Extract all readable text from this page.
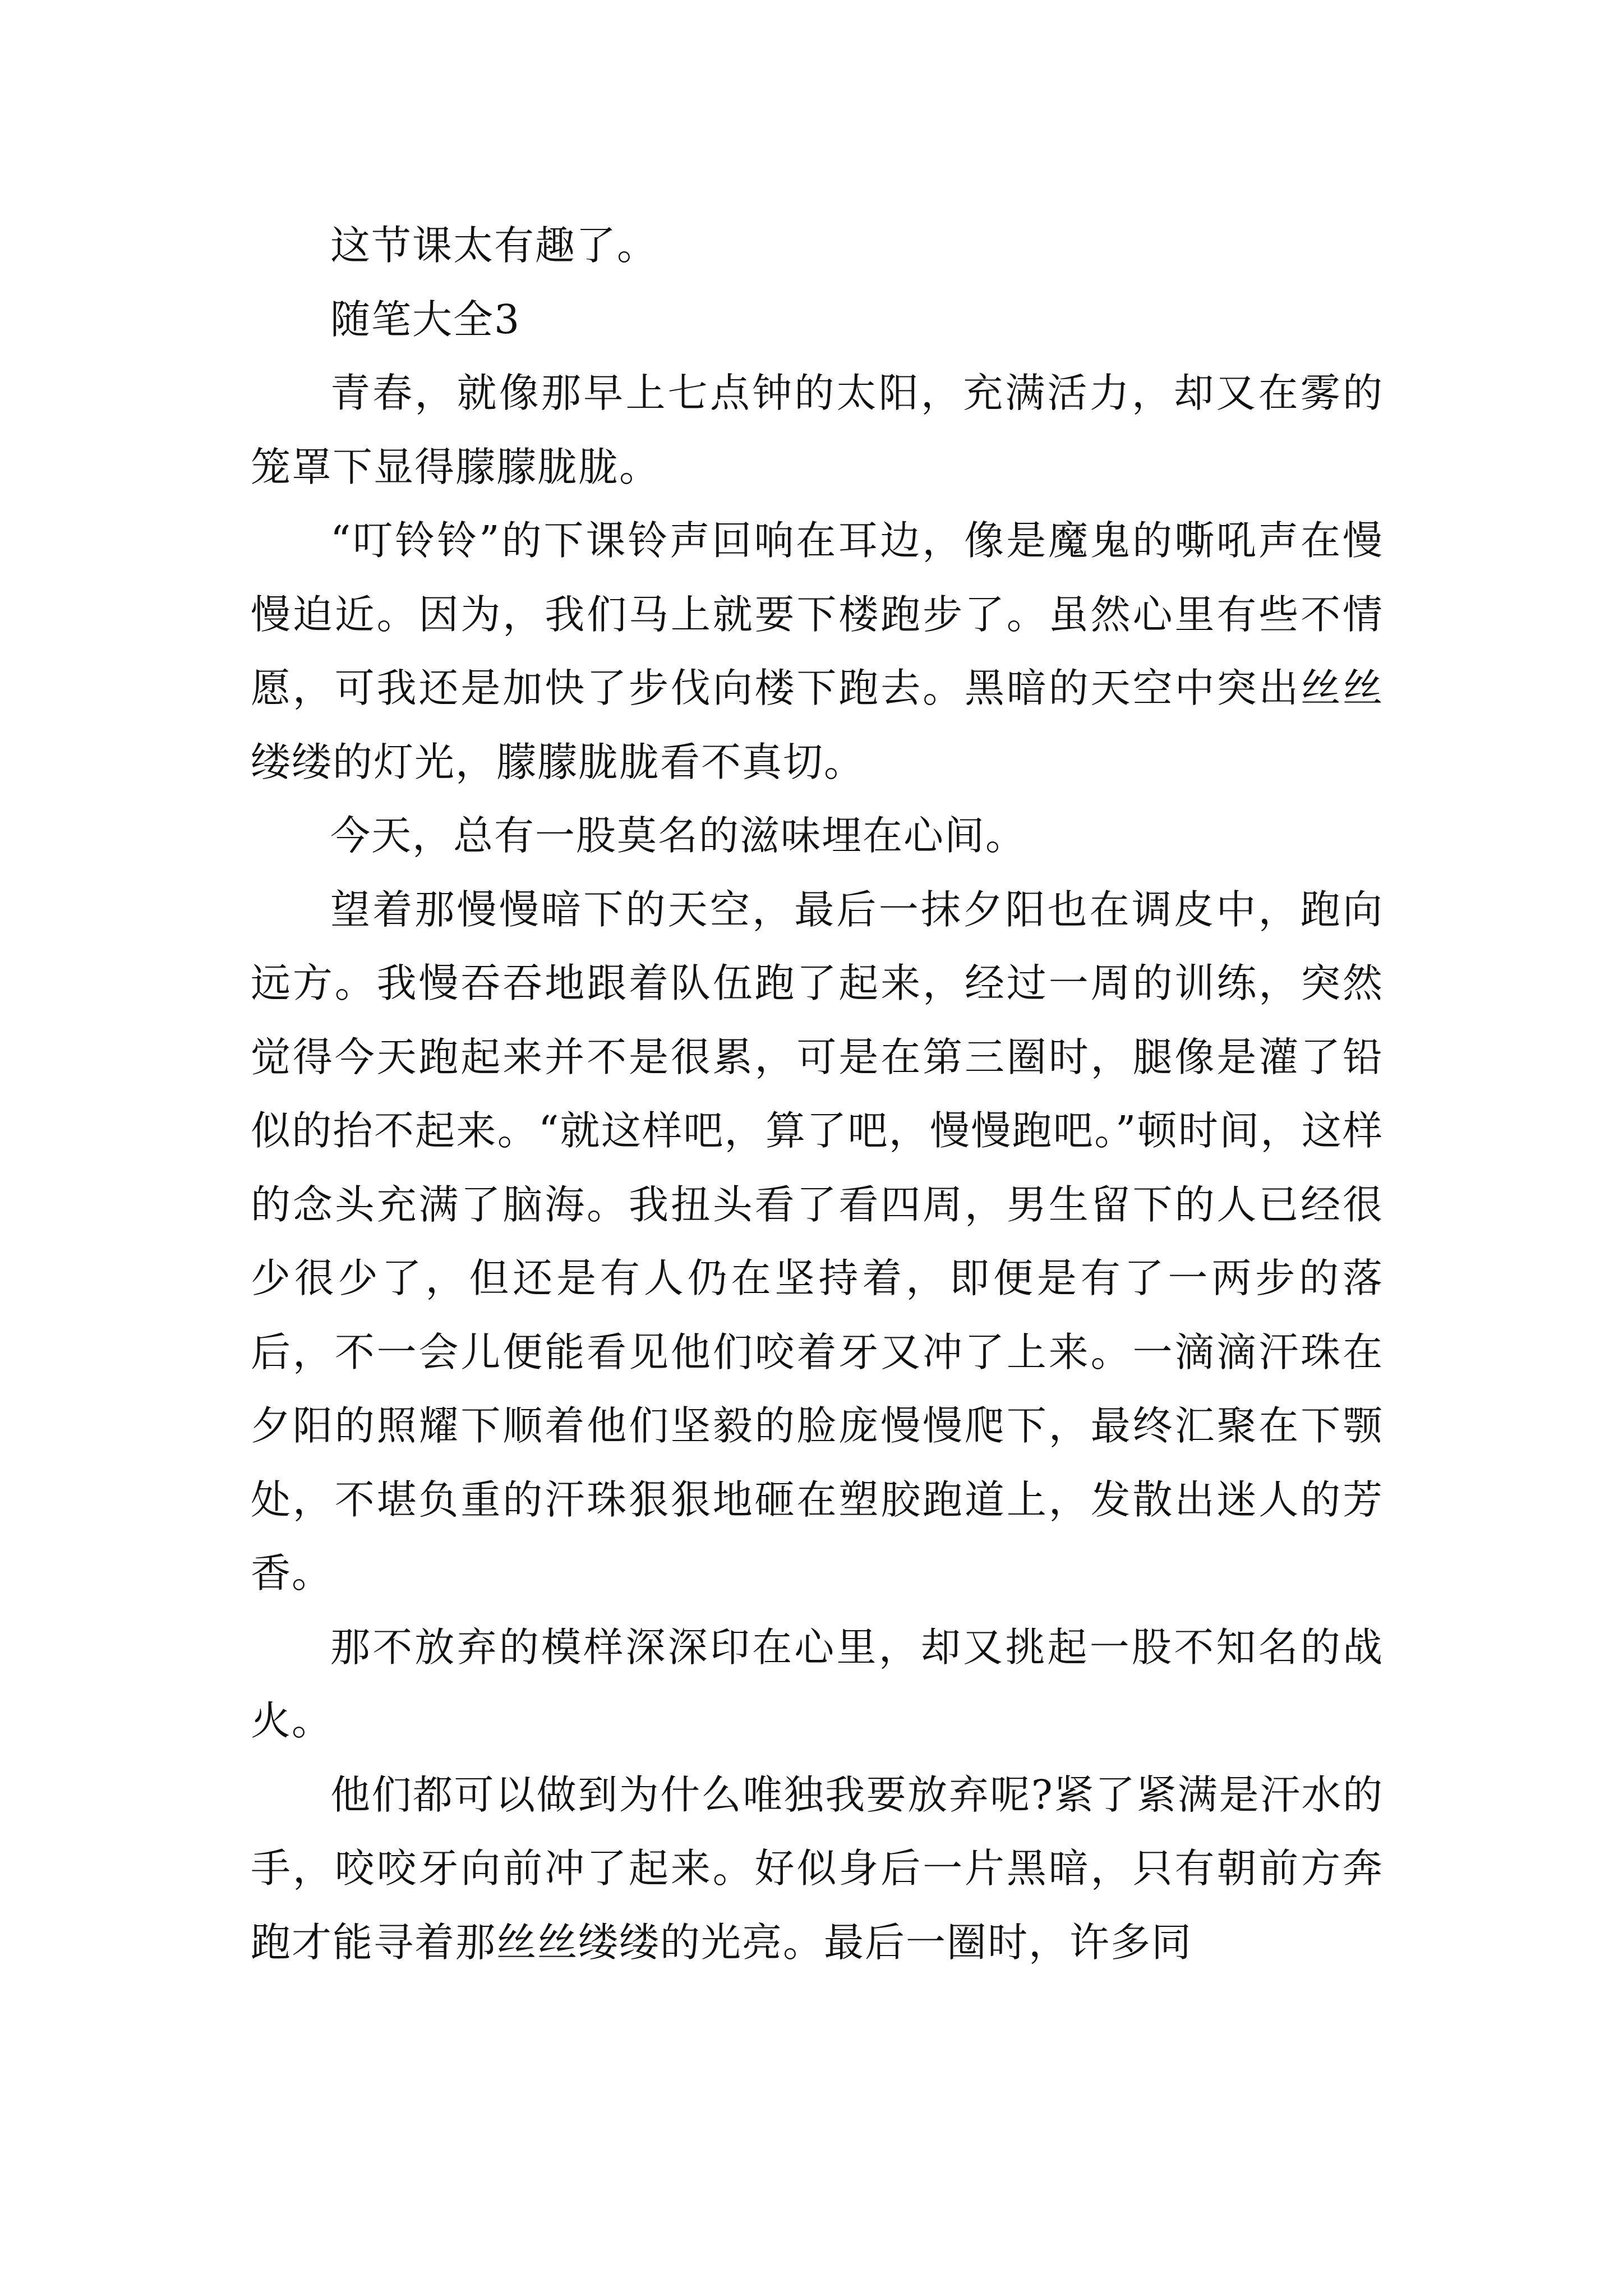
这节课太有趣了。

随笔大全3

青春，就像那早上七点钟的太阳，充满活力，却又在雾的笼罩下显得朦朦胧胧。

“叮铃铃”的下课铃声回响在耳边，像是魔鬼的嘶吼声在慢慢迫近。因为，我们马上就要下楼跑步了。虽然心里有些不情愿，可我还是加快了步伐向楼下跑去。黑暗的天空中突出丝丝缕缕的灯光，朦朦胧胧看不真切。

今天，总有一股莫名的滋味埋在心间。

望着那慢慢暗下的天空，最后一抹夕阳也在调皮中，跑向远方。我慢吞吞地跟着队伍跑了起来，经过一周的训练，突然觉得今天跑起来并不是很累，可是在第三圈时，腿像是灌了铅似的抬不起来。“就这样吧，算了吧，慢慢跑吧。”顿时间，这样的念头充满了脑海。我扭头看了看四周，男生留下的人已经很少很少了，但还是有人仍在坚持着，即便是有了一两步的落后，不一会儿便能看见他们咬着牙又冲了上来。一滴滴汗珠在夕阳的照耀下顺着他们坚毅的脸庞慢慢爬下，最终汇聚在下颚处，不堪负重的汗珠狠狠地砸在塑胶跑道上，发散出迷人的芳香。

那不放弃的模样深深印在心里，却又挑起一股不知名的战火。

他们都可以做到为什么唯独我要放弃呢?紧了紧满是汗水的手，咬咬牙向前冲了起来。好似身后一片黑暗，只有朝前方奔跑才能寻着那丝丝缕缕的光亮。最后一圈时，许多同
